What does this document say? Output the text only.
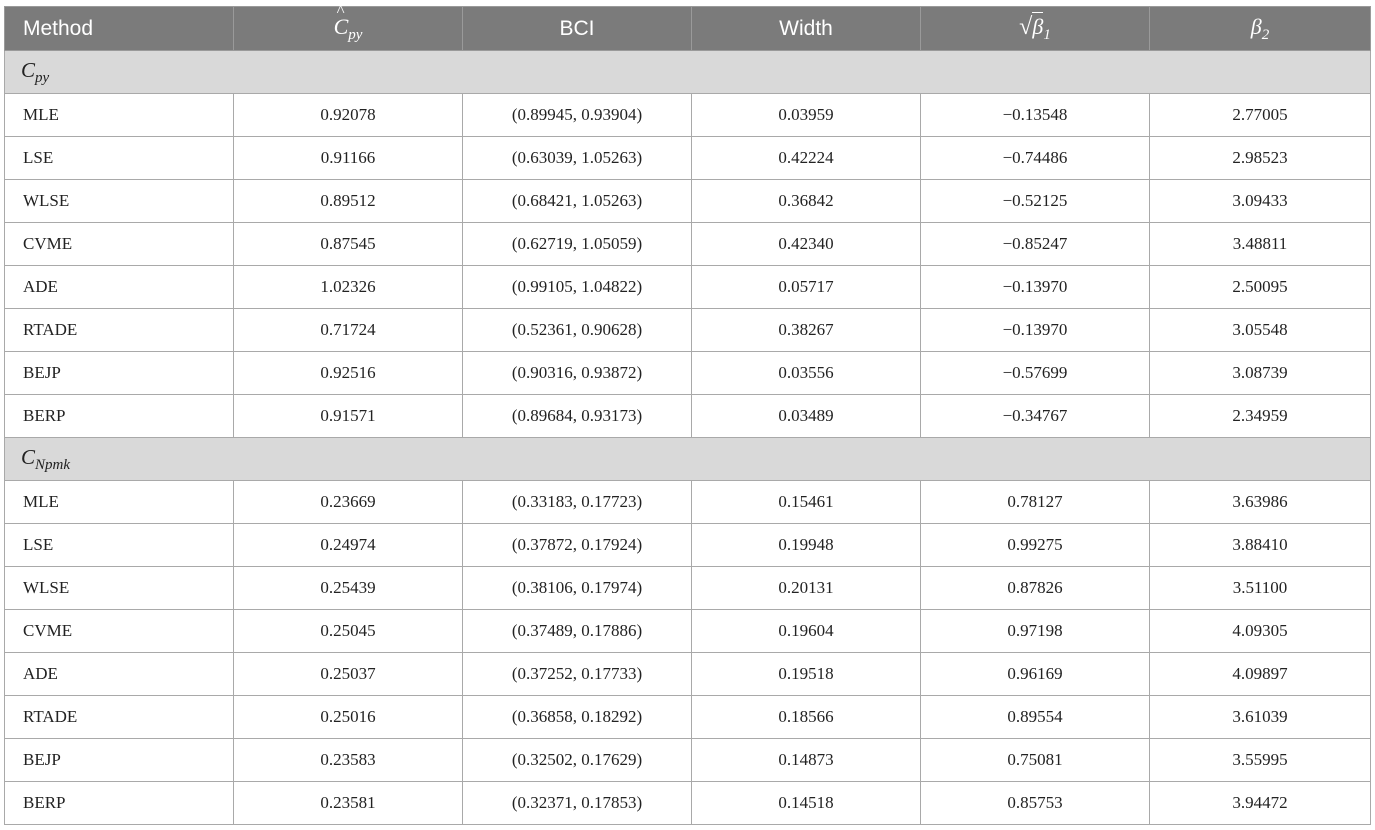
Method	^ $C_{py}$	BCI	Width	$√\beta_1$	$\beta_2$
$C_{py}$
MLE	0.92078	(0.89945, 0.93904)	0.03959	−0.13548	2.77005
LSE	0.91166	(0.63039, 1.05263)	0.42224	−0.74486	2.98523
WLSE	0.89512	(0.68421, 1.05263)	0.36842	−0.52125	3.09433
CVME	0.87545	(0.62719, 1.05059)	0.42340	−0.85247	3.48811
ADE	1.02326	(0.99105, 1.04822)	0.05717	−0.13970	2.50095
RTADE	0.71724	(0.52361, 0.90628)	0.38267	−0.13970	3.05548
BEJP	0.92516	(0.90316, 0.93872)	0.03556	−0.57699	3.08739
BERP	0.91571	(0.89684, 0.93173)	0.03489	−0.34767	2.34959
$C_{Npmk}$
MLE	0.23669	(0.33183, 0.17723)	0.15461	0.78127	3.63986
LSE	0.24974	(0.37872, 0.17924)	0.19948	0.99275	3.88410
WLSE	0.25439	(0.38106, 0.17974)	0.20131	0.87826	3.51100
CVME	0.25045	(0.37489, 0.17886)	0.19604	0.97198	4.09305
ADE	0.25037	(0.37252, 0.17733)	0.19518	0.96169	4.09897
RTADE	0.25016	(0.36858, 0.18292)	0.18566	0.89554	3.61039
BEJP	0.23583	(0.32502, 0.17629)	0.14873	0.75081	3.55995
BERP	0.23581	(0.32371, 0.17853)	0.14518	0.85753	3.94472
